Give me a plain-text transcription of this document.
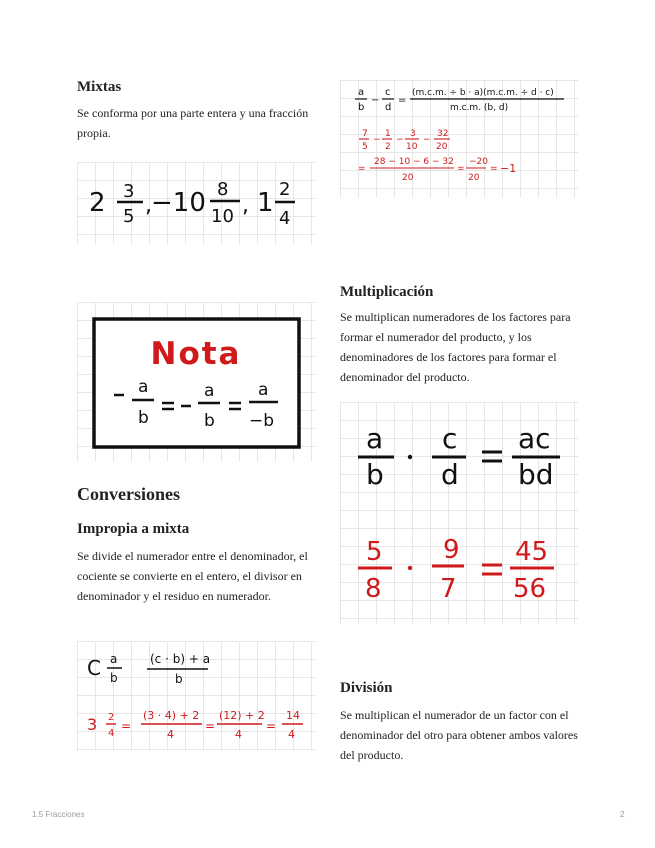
Mixtas

Se conforma por una parte entera y una fracción propia.

2 3
5 , −10 8
10 , 1 2
4
Nota
a
b
a
b
a
−b
Conversiones
Impropia a mixta

Se divide el numerador entre el denominador, el cociente se convierte en el entero, el divisor en denominador y el residuo en numerador.

C a
b
(c · b) + a
b
3 2
4
=
(3 · 4) + 2
4
=
(12) + 2
4
=
14
4
a
b
−
c
d
=
(m.c.m. ÷ b · a)(m.c.m. ÷ d · c)
m.c.m. (b, d)
7
5
−
1
2
−
3
10
−
32
20
=
28 − 10 − 6 − 32
20
=
−20
20
= −1
Multiplicación

Se multiplican numeradores de los factores para formar el numerador del producto, y los denominadores de los factores para formar el denominador del producto.

a
b
c
d
ac
bd
5
8
9
7
45
56
División

Se multiplican el numerador de un factor con el denominador del otro para obtener ambos valores del producto.

1.5 Fracciones	2
